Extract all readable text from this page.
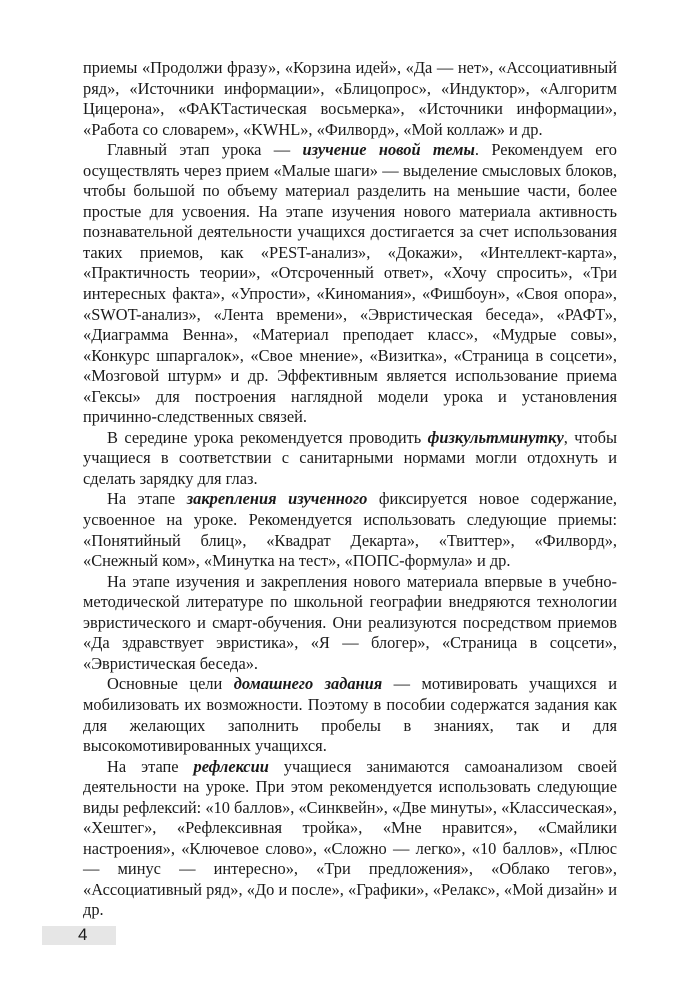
приемы «Продолжи фразу», «Корзина идей», «Да — нет», «Ассоциативный ряд», «Источники информации», «Блицопрос», «Индуктор», «Алгоритм Цицерона», «ФАКТастическая восьмерка», «Источники информации», «Работа со словарем», «KWHL», «Филворд», «Мой коллаж» и др.

Главный этап урока — изучение новой темы. Рекомендуем его осуществлять через прием «Малые шаги» — выделение смысловых блоков, чтобы большой по объему материал разделить на меньшие части, более простые для усвоения. На этапе изучения нового материала активность познавательной деятельности учащихся достигается за счет использования таких приемов, как «PEST-анализ», «Докажи», «Интеллект-карта», «Практичность теории», «Отсроченный ответ», «Хочу спросить», «Три интересных факта», «Упрости», «Киномания», «Фишбоун», «Своя опора», «SWOT-анализ», «Лента времени», «Эвристическая беседа», «РАФТ», «Диаграмма Венна», «Материал преподает класс», «Мудрые совы», «Конкурс шпаргалок», «Свое мнение», «Визитка», «Страница в соцсети», «Мозговой штурм» и др. Эффективным является использование приема «Гексы» для построения наглядной модели урока и установления причинно-следственных связей.

В середине урока рекомендуется проводить физкультминутку, чтобы учащиеся в соответствии с санитарными нормами могли отдохнуть и сделать зарядку для глаз.

На этапе закрепления изученного фиксируется новое содержание, усвоенное на уроке. Рекомендуется использовать следующие приемы: «Понятийный блиц», «Квадрат Декарта», «Твиттер», «Филворд», «Снежный ком», «Минутка на тест», «ПОПС-формула» и др.

На этапе изучения и закрепления нового материала впервые в учебно-методической литературе по школьной географии внедряются технологии эвристического и смарт-обучения. Они реализуются посредством приемов «Да здравствует эвристика», «Я — блогер», «Страница в соцсети», «Эвристическая беседа».

Основные цели домашнего задания — мотивировать учащихся и мобилизовать их возможности. Поэтому в пособии содержатся задания как для желающих заполнить пробелы в знаниях, так и для высокомотивированных учащихся.

На этапе рефлексии учащиеся занимаются самоанализом своей деятельности на уроке. При этом рекомендуется использовать следующие виды рефлексий: «10 баллов», «Синквейн», «Две минуты», «Классическая», «Хештег», «Рефлексивная тройка», «Мне нравится», «Смайлики настроения», «Ключевое слово», «Сложно — легко», «10 баллов», «Плюс — минус — интересно», «Три предложения», «Облако тегов», «Ассоциативный ряд», «До и после», «Графики», «Релакс», «Мой дизайн» и др.

4
